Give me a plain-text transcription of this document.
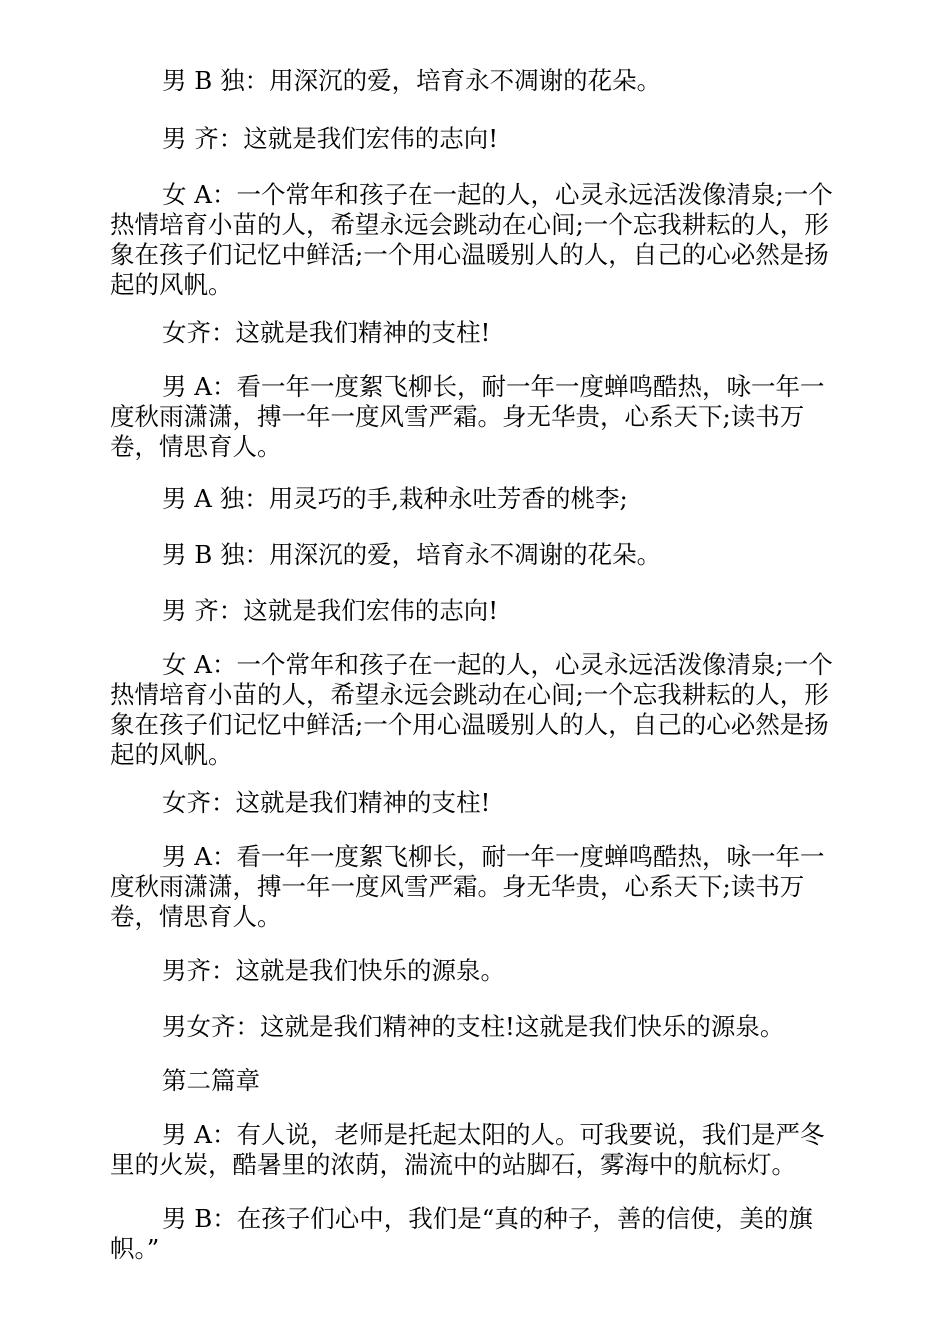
男 B 独：用深沉的爱，培育永不凋谢的花朵。

男 齐：这就是我们宏伟的志向!

女 A：一个常年和孩子在一起的人，心灵永远活泼像清泉;一个热情培育小苗的人，希望永远会跳动在心间;一个忘我耕耘的人，形象在孩子们记忆中鲜活;一个用心温暖别人的人，自己的心必然是扬起的风帆。

女齐：这就是我们精神的支柱!

男 A：看一年一度絮飞柳长，耐一年一度蝉鸣酷热，咏一年一度秋雨潇潇，搏一年一度风雪严霜。身无华贵，心系天下;读书万卷，情思育人。

男 A 独：用灵巧的手,栽种永吐芳香的桃李;

男 B 独：用深沉的爱，培育永不凋谢的花朵。

男 齐：这就是我们宏伟的志向!

女 A：一个常年和孩子在一起的人，心灵永远活泼像清泉;一个热情培育小苗的人，希望永远会跳动在心间;一个忘我耕耘的人，形象在孩子们记忆中鲜活;一个用心温暖别人的人，自己的心必然是扬起的风帆。

女齐：这就是我们精神的支柱!

男 A：看一年一度絮飞柳长，耐一年一度蝉鸣酷热，咏一年一度秋雨潇潇，搏一年一度风雪严霜。身无华贵，心系天下;读书万卷，情思育人。

男齐：这就是我们快乐的源泉。

男女齐：这就是我们精神的支柱!这就是我们快乐的源泉。

第二篇章

男 A：有人说，老师是托起太阳的人。可我要说，我们是严冬里的火炭，酷暑里的浓荫，湍流中的站脚石，雾海中的航标灯。

男 B：在孩子们心中，我们是“真的种子，善的信使，美的旗帜。”
